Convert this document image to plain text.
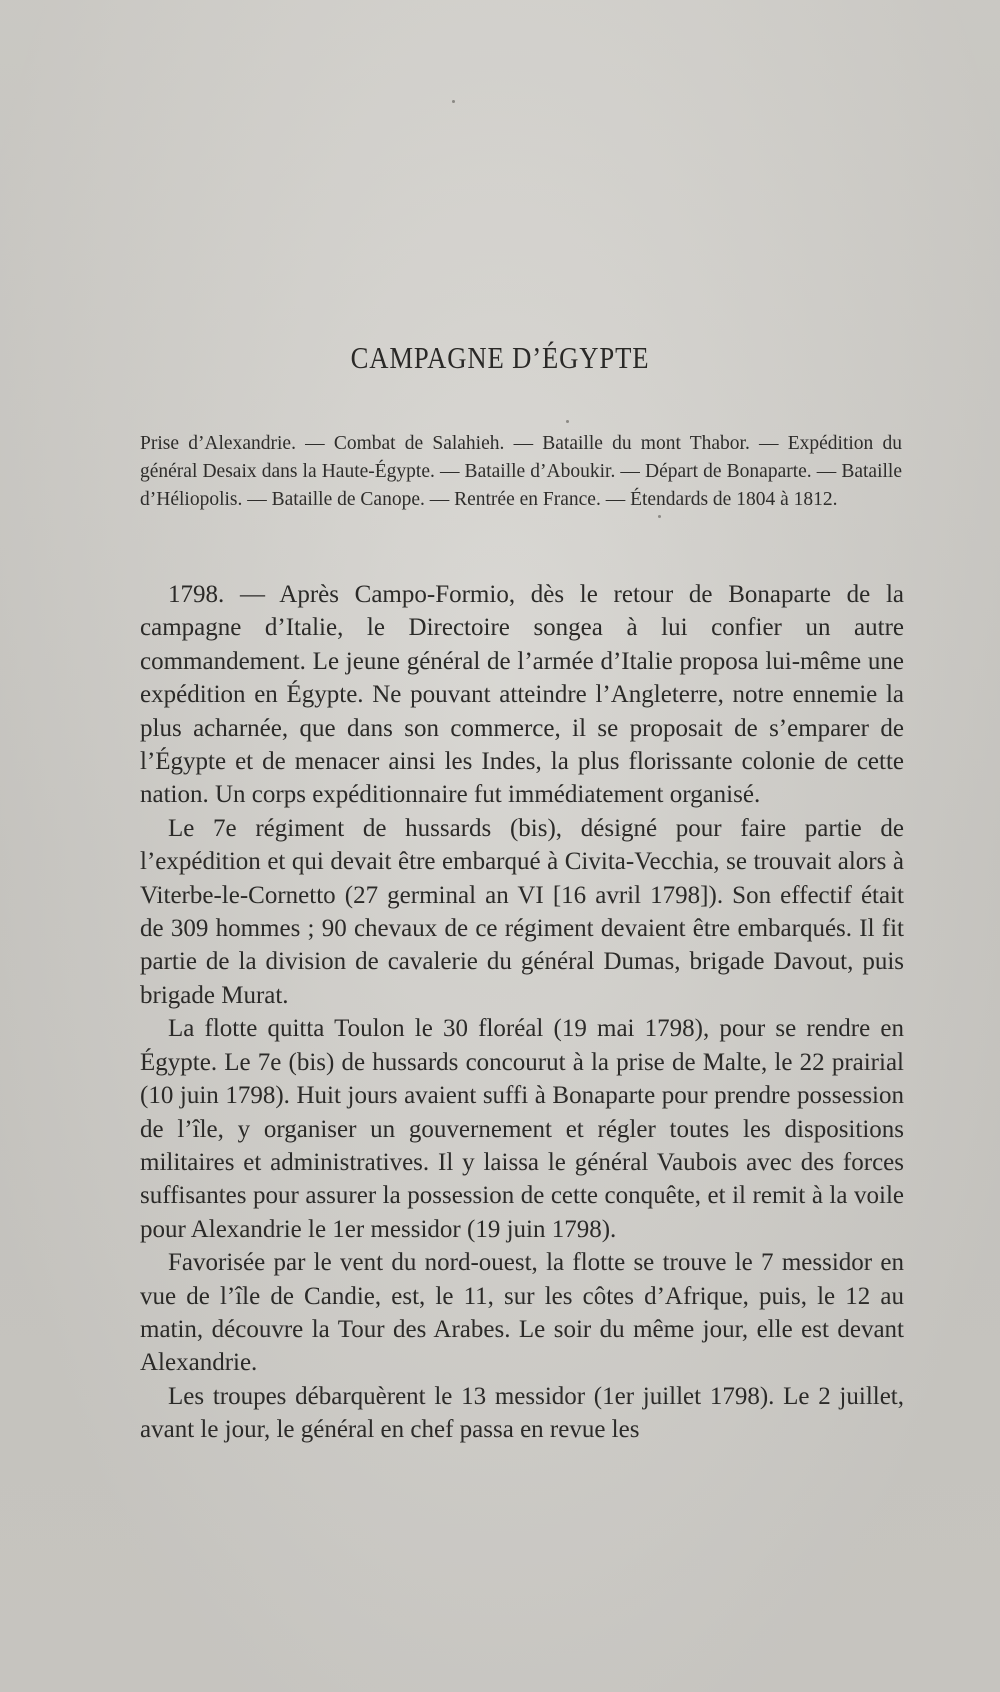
CAMPAGNE D’ÉGYPTE
Prise d’Alexandrie. — Combat de Salahieh. — Bataille du mont Thabor. — Expédition du général Desaix dans la Haute-Égypte. — Bataille d’Aboukir. — Départ de Bonaparte. — Bataille d’Héliopolis. — Bataille de Canope. — Rentrée en France. — Étendards de 1804 à 1812.

1798. — Après Campo-Formio, dès le retour de Bonaparte de la campagne d’Italie, le Directoire songea à lui confier un autre commandement. Le jeune général de l’armée d’Italie proposa lui-même une expédition en Égypte. Ne pouvant atteindre l’Angleterre, notre ennemie la plus acharnée, que dans son commerce, il se proposait de s’emparer de l’Égypte et de menacer ainsi les Indes, la plus florissante colonie de cette nation. Un corps expéditionnaire fut immédiatement organisé.

Le 7e régiment de hussards (bis), désigné pour faire partie de l’expédition et qui devait être embarqué à Civita-Vecchia, se trouvait alors à Viterbe-le-Cornetto (27 germinal an VI [16 avril 1798]). Son effectif était de 309 hommes ; 90 chevaux de ce régiment devaient être embarqués. Il fit partie de la division de cavalerie du général Dumas, brigade Davout, puis brigade Murat.

La flotte quitta Toulon le 30 floréal (19 mai 1798), pour se rendre en Égypte. Le 7e (bis) de hussards concourut à la prise de Malte, le 22 prairial (10 juin 1798). Huit jours avaient suffi à Bonaparte pour prendre possession de l’île, y organiser un gouvernement et régler toutes les dispositions militaires et administratives. Il y laissa le général Vaubois avec des forces suffisantes pour assurer la possession de cette conquête, et il remit à la voile pour Alexandrie le 1er messidor (19 juin 1798).

Favorisée par le vent du nord-ouest, la flotte se trouve le 7 messidor en vue de l’île de Candie, est, le 11, sur les côtes d’Afrique, puis, le 12 au matin, découvre la Tour des Arabes. Le soir du même jour, elle est devant Alexandrie.

Les troupes débarquèrent le 13 messidor (1er juillet 1798). Le 2 juillet, avant le jour, le général en chef passa en revue les
